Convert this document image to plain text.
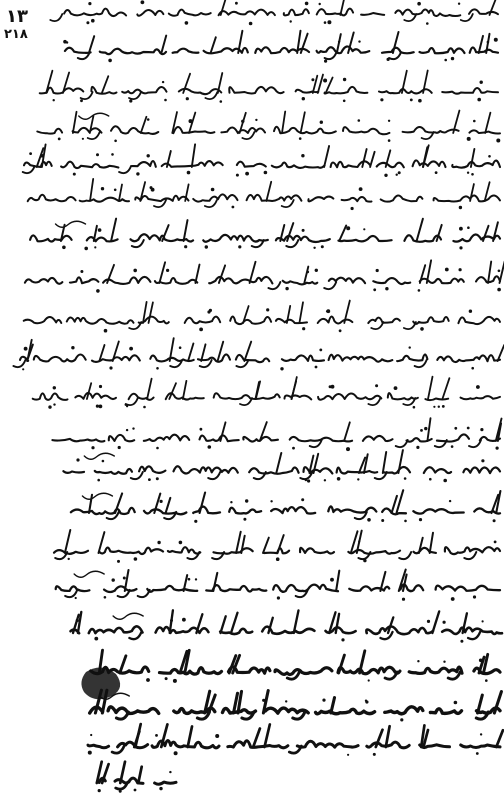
۱۳
۲۱۸
